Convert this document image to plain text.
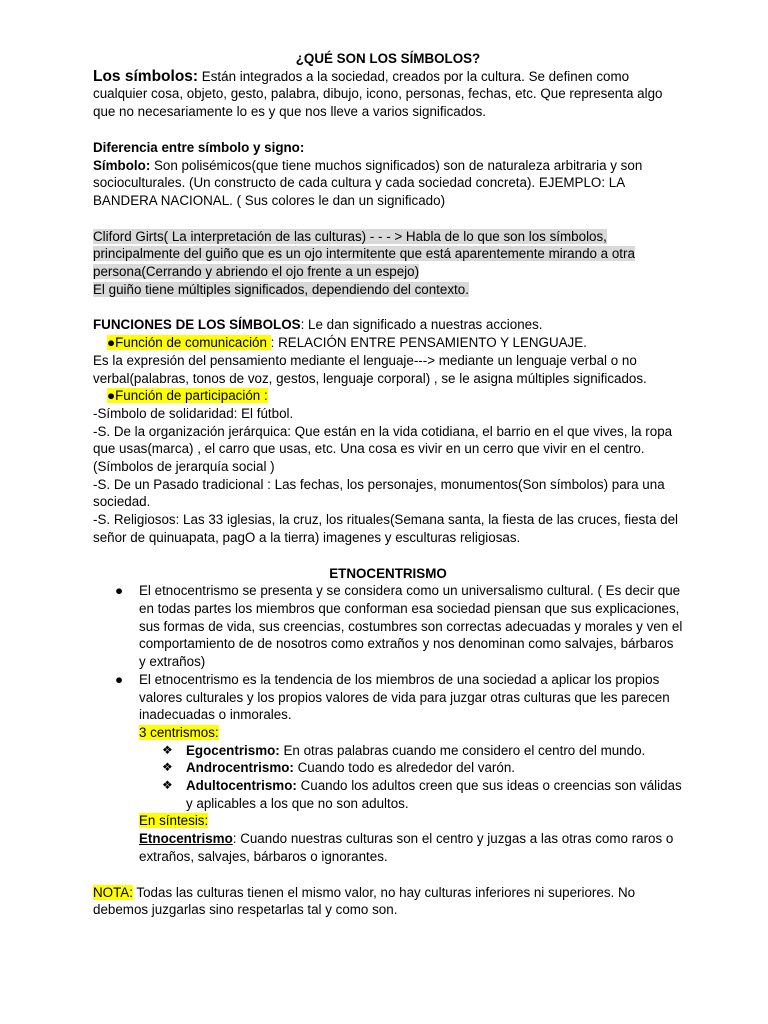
¿QUÉ SON LOS SÍMBOLOS?

Los símbolos: Están integrados a la sociedad, creados por la cultura. Se definen como cualquier cosa, objeto, gesto, palabra, dibujo, icono, personas, fechas, etc. Que representa algo que no necesariamente lo es y que nos lleve a varios significados.

Diferencia entre símbolo y signo:

Símbolo: Son polisémicos(que tiene muchos significados) son de naturaleza arbitraria y son socioculturales. (Un constructo de cada cultura y cada sociedad concreta). EJEMPLO: LA BANDERA NACIONAL. ( Sus colores le dan un significado)

Cliford Girts( La interpretación de las culturas) - - - > Habla de lo que son los símbolos, principalmente del guiño que es un ojo intermitente que está aparentemente mirando a otra persona(Cerrando y abriendo el ojo frente a un espejo)
El guiño tiene múltiples significados, dependiendo del contexto.

FUNCIONES DE LOS SÍMBOLOS: Le dan significado a nuestras acciones.

●Función de comunicación : RELACIÓN ENTRE PENSAMIENTO Y LENGUAJE.

Es la expresión del pensamiento mediante el lenguaje---> mediante un lenguaje verbal o no verbal(palabras, tonos de voz, gestos, lenguaje corporal) , se le asigna múltiples significados.

●Función de participación :

-Símbolo de solidaridad: El fútbol.

-S. De la organización jerárquica: Que están en la vida cotidiana, el barrio en el que vives, la ropa que usas(marca) , el carro que usas, etc. Una cosa es vivir en un cerro que vivir en el centro. (Símbolos de jerarquía social )

-S. De un Pasado tradicional : Las fechas, los personajes, monumentos(Son símbolos) para una sociedad.

-S. Religiosos: Las 33 iglesias, la cruz, los rituales(Semana santa, la fiesta de las cruces, fiesta del señor de quinuapata, pagO a la tierra) imagenes y esculturas religiosas.

ETNOCENTRISMO

● El etnocentrismo se presenta y se considera como un universalismo cultural. ( Es decir que en todas partes los miembros que conforman esa sociedad piensan que sus explicaciones, sus formas de vida, sus creencias, costumbres son correctas adecuadas y morales y ven el comportamiento de de nosotros como extraños y nos denominan como salvajes, bárbaros y extraños)
● El etnocentrismo es la tendencia de los miembros de una sociedad a aplicar los propios valores culturales y los propios valores de vida para juzgar otras culturas que les parecen inadecuadas o inmorales.

3 centrismos:

❖ Egocentrismo: En otras palabras cuando me considero el centro del mundo.
❖ Androcentrismo: Cuando todo es alrededor del varón.
❖ Adultocentrismo: Cuando los adultos creen que sus ideas o creencias son válidas y aplicables a los que no son adultos.

En síntesis:

Etnocentrismo: Cuando nuestras culturas son el centro y juzgas a las otras como raros o extraños, salvajes, bárbaros o ignorantes.

NOTA: Todas las culturas tienen el mismo valor, no hay culturas inferiores ni superiores. No debemos juzgarlas sino respetarlas tal y como son.
